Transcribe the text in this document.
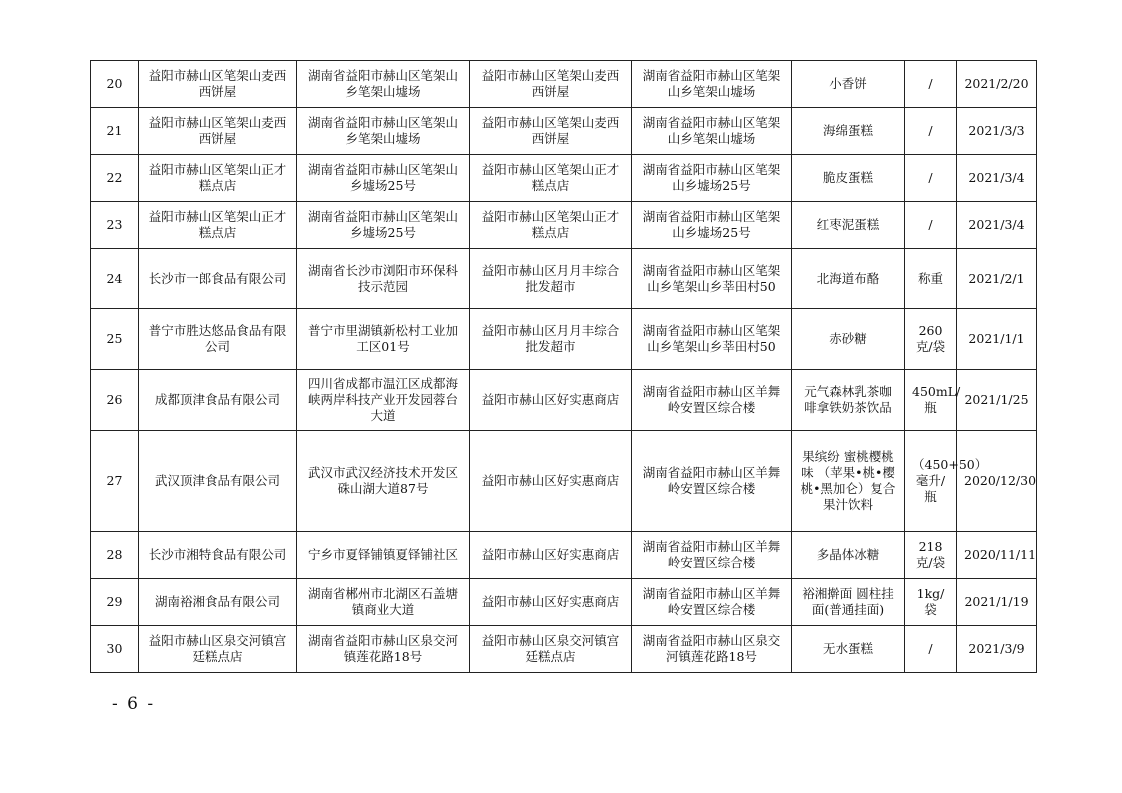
20	益阳市赫山区笔架山麦西西饼屋	湖南省益阳市赫山区笔架山乡笔架山墟场	益阳市赫山区笔架山麦西西饼屋	湖南省益阳市赫山区笔架山乡笔架山墟场	小香饼	/	2021/2/20
21	益阳市赫山区笔架山麦西西饼屋	湖南省益阳市赫山区笔架山乡笔架山墟场	益阳市赫山区笔架山麦西西饼屋	湖南省益阳市赫山区笔架山乡笔架山墟场	海绵蛋糕	/	2021/3/3
22	益阳市赫山区笔架山正才糕点店	湖南省益阳市赫山区笔架山乡墟场25号	益阳市赫山区笔架山正才糕点店	湖南省益阳市赫山区笔架山乡墟场25号	脆皮蛋糕	/	2021/3/4
23	益阳市赫山区笔架山正才糕点店	湖南省益阳市赫山区笔架山乡墟场25号	益阳市赫山区笔架山正才糕点店	湖南省益阳市赫山区笔架山乡墟场25号	红枣泥蛋糕	/	2021/3/4
24	长沙市一郎食品有限公司	湖南省长沙市浏阳市环保科技示范园	益阳市赫山区月月丰综合批发超市	湖南省益阳市赫山区笔架山乡笔架山乡莘田村50	北海道布酪	称重	2021/2/1
25	普宁市胜达悠品食品有限公司	普宁市里湖镇新松村工业加工区01号	益阳市赫山区月月丰综合批发超市	湖南省益阳市赫山区笔架山乡笔架山乡莘田村50	赤砂糖	260克/袋	2021/1/1
26	成都顶津食品有限公司	四川省成都市温江区成都海峡两岸科技产业开发园蓉台大道	益阳市赫山区好实惠商店	湖南省益阳市赫山区羊舞岭安置区综合楼	元气森林乳茶咖啡拿铁奶茶饮品	450mL/瓶	2021/1/25
27	武汉顶津食品有限公司	武汉市武汉经济技术开发区硃山湖大道87号	益阳市赫山区好实惠商店	湖南省益阳市赫山区羊舞岭安置区综合楼	果缤纷 蜜桃樱桃味 （苹果•桃•樱桃•黑加仑）复合果汁饮料	（450+50）毫升/瓶	2020/12/30
28	长沙市湘特食品有限公司	宁乡市夏铎铺镇夏铎铺社区	益阳市赫山区好实惠商店	湖南省益阳市赫山区羊舞岭安置区综合楼	多晶体冰糖	218克/袋	2020/11/11
29	湖南裕湘食品有限公司	湖南省郴州市北湖区石盖塘镇商业大道	益阳市赫山区好实惠商店	湖南省益阳市赫山区羊舞岭安置区综合楼	裕湘擀面 圆柱挂面(普通挂面)	1kg/袋	2021/1/19
30	益阳市赫山区泉交河镇宫廷糕点店	湖南省益阳市赫山区泉交河镇莲花路18号	益阳市赫山区泉交河镇宫廷糕点店	湖南省益阳市赫山区泉交河镇莲花路18号	无水蛋糕	/	2021/3/9
- 6 -
